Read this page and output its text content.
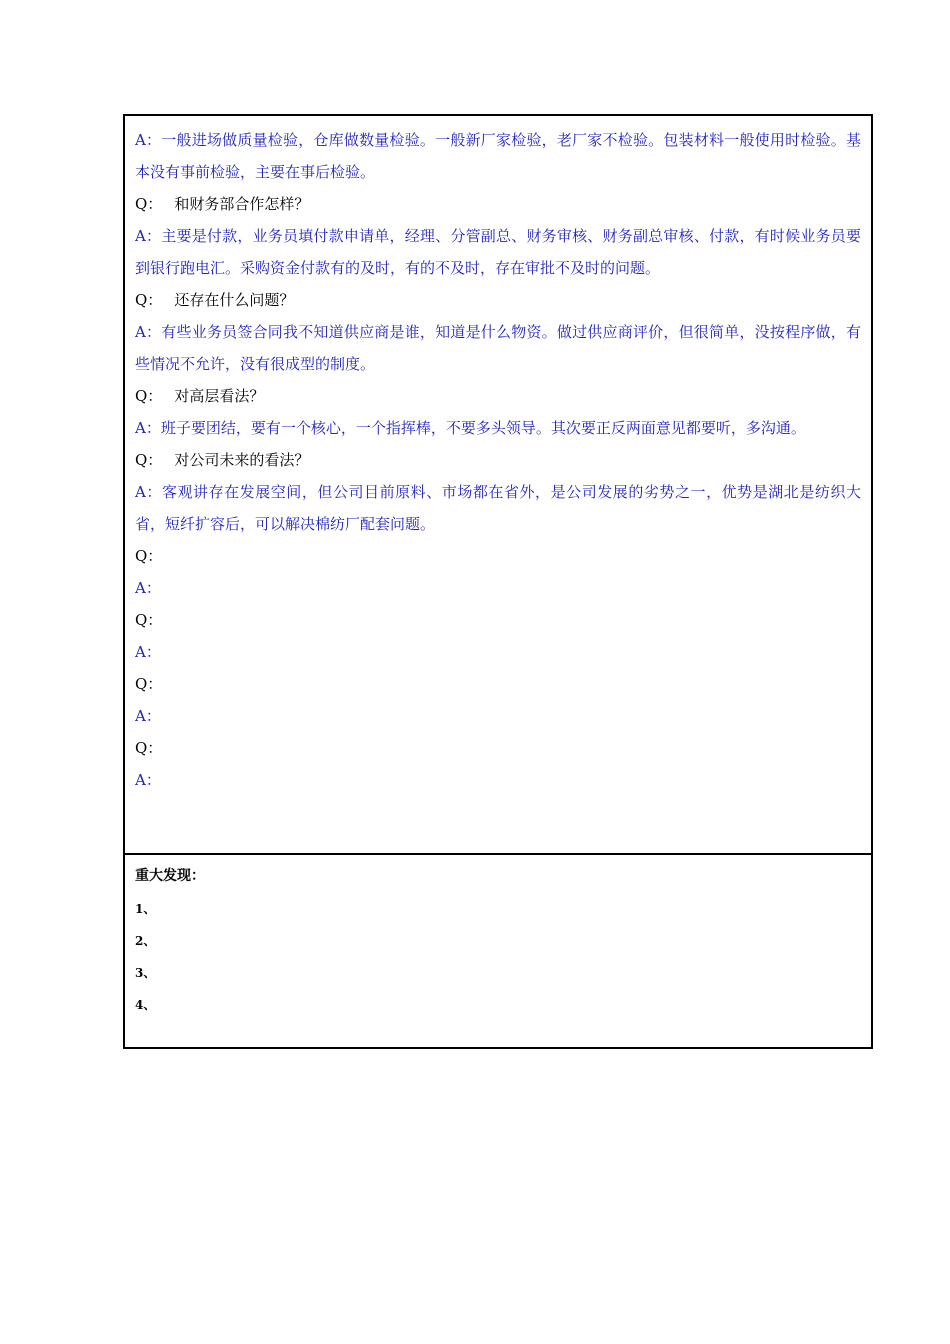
A：一般进场做质量检验，仓库做数量检验。一般新厂家检验，老厂家不检验。包装材料一般使用时检验。基本没有事前检验，主要在事后检验。

Q： 和财务部合作怎样？

A：主要是付款，业务员填付款申请单，经理、分管副总、财务审核、财务副总审核、付款，有时候业务员要到银行跑电汇。采购资金付款有的及时，有的不及时，存在审批不及时的问题。

Q： 还存在什么问题？

A：有些业务员签合同我不知道供应商是谁，知道是什么物资。做过供应商评价，但很简单，没按程序做，有些情况不允许，没有很成型的制度。

Q： 对高层看法？

A：班子要团结，要有一个核心，一个指挥棒，不要多头领导。其次要正反两面意见都要听，多沟通。

Q： 对公司未来的看法？

A：客观讲存在发展空间，但公司目前原料、市场都在省外，是公司发展的劣势之一，优势是湖北是纺织大省，短纤扩容后，可以解决棉纺厂配套问题。

Q：

A：

Q：

A：

Q：

A：

Q：

A：

重大发现：

1、

2、

3、

4、
